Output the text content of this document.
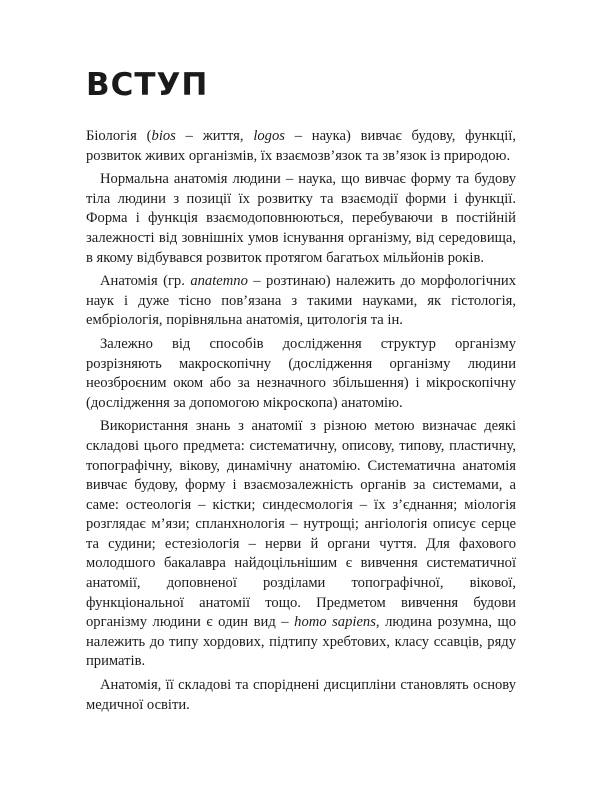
ВСТУП

Біологія (bios – життя, logos – наука) вивчає будову, функції, розвиток живих організмів, їх взаємозв’язок та зв’язок із природою.

Нормальна анатомія людини – наука, що вивчає форму та будову тіла людини з позиції їх розвитку та взаємодії форми і функції. Форма і функція взаємодоповнюються, перебуваючи в постійній залежності від зовнішніх умов існування організму, від середовища, в якому відбувався розвиток протягом багатьох мільйонів років.

Анатомія (гр. anatemno – розтинаю) належить до морфологічних наук і дуже тісно пов’язана з такими науками, як гістологія, ембріологія, порівняльна анатомія, цитологія та ін.

Залежно від способів дослідження структур організму розрізняють макроскопічну (дослідження організму людини неозброєним оком або за незначного збільшення) і мікроскопічну (дослідження за допомогою мікроскопа) анатомію.

Використання знань з анатомії з різною метою визначає деякі складові цього предмета: систематичну, описову, типову, пластичну, топографічну, вікову, динамічну анатомію. Систематична анатомія вивчає будову, форму і взаємозалежність органів за системами, а саме: остеологія – кістки; синдесмологія – їх з’єднання; міологія розглядає м’язи; спланхнологія – нутрощі; ангіологія описує серце та судини; естезіологія – нерви й органи чуття. Для фахового молодшого бакалавра найдоцільнішим є вивчення систематичної анатомії, доповненої розділами топографічної, вікової, функціональної анатомії тощо. Предметом вивчення будови організму людини є один вид – homo sapiens, людина розумна, що належить до типу хордових, підтипу хребтових, класу ссавців, ряду приматів.

Анатомія, її складові та споріднені дисципліни становлять основу медичної освіти.
